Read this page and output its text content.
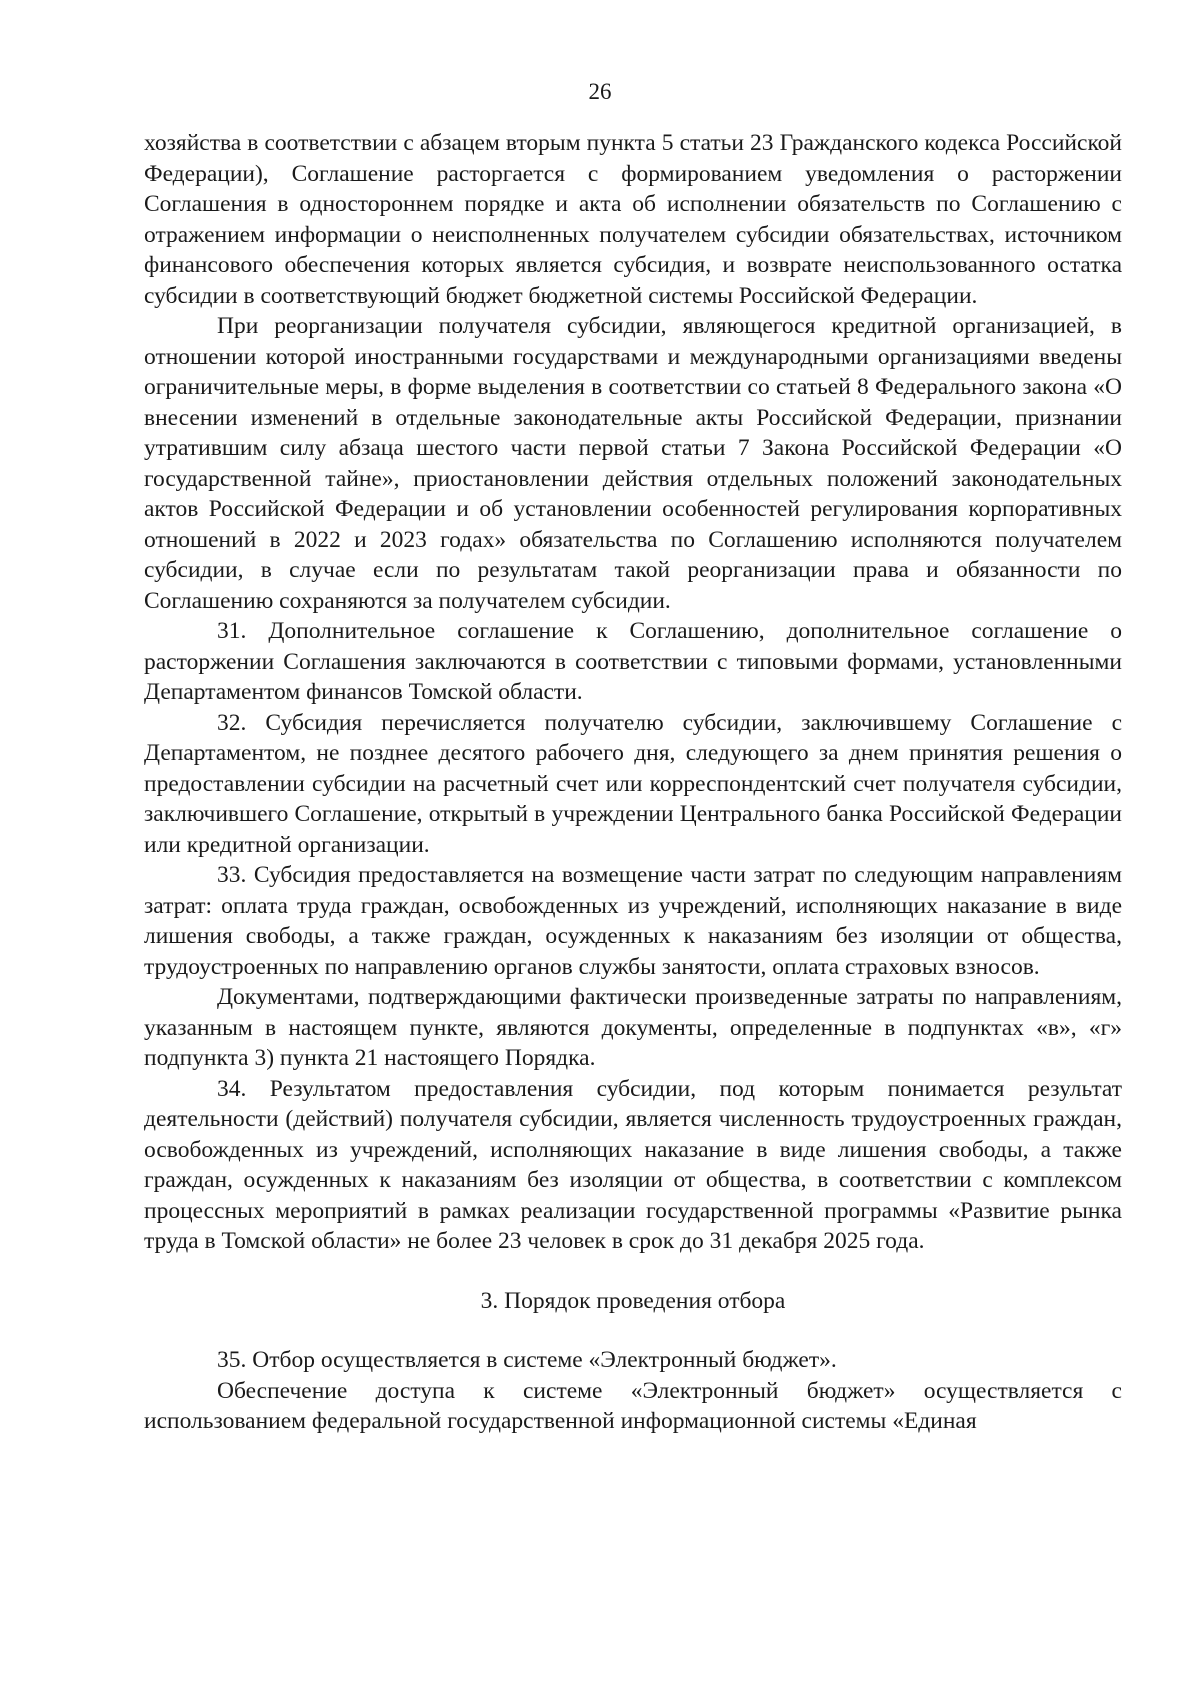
26

хозяйства в соответствии с абзацем вторым пункта 5 статьи 23 Гражданского кодекса Российской Федерации), Соглашение расторгается с формированием уведомления о расторжении Соглашения в одностороннем порядке и акта об исполнении обязательств по Соглашению с отражением информации о неисполненных получателем субсидии обязательствах, источником финансового обеспечения которых является субсидия, и возврате неиспользованного остатка субсидии в соответствующий бюджет бюджетной системы Российской Федерации.

При реорганизации получателя субсидии, являющегося кредитной организацией, в отношении которой иностранными государствами и международными организациями введены ограничительные меры, в форме выделения в соответствии со статьей 8 Федерального закона «О внесении изменений в отдельные законодательные акты Российской Федерации, признании утратившим силу абзаца шестого части первой статьи 7 Закона Российской Федерации «О государственной тайне», приостановлении действия отдельных положений законодательных актов Российской Федерации и об установлении особенностей регулирования корпоративных отношений в 2022 и 2023 годах» обязательства по Соглашению исполняются получателем субсидии, в случае если по результатам такой реорганизации права и обязанности по Соглашению сохраняются за получателем субсидии.

31. Дополнительное соглашение к Соглашению, дополнительное соглашение о расторжении Соглашения заключаются в соответствии с типовыми формами, установленными Департаментом финансов Томской области.

32. Субсидия перечисляется получателю субсидии, заключившему Соглашение с Департаментом, не позднее десятого рабочего дня, следующего за днем принятия решения о предоставлении субсидии на расчетный счет или корреспондентский счет получателя субсидии, заключившего Соглашение, открытый в учреждении Центрального банка Российской Федерации или кредитной организации.

33. Субсидия предоставляется на возмещение части затрат по следующим направлениям затрат: оплата труда граждан, освобожденных из учреждений, исполняющих наказание в виде лишения свободы, а также граждан, осужденных к наказаниям без изоляции от общества, трудоустроенных по направлению органов службы занятости, оплата страховых взносов.

Документами, подтверждающими фактически произведенные затраты по направлениям, указанным в настоящем пункте, являются документы, определенные в подпунктах «в», «г» подпункта 3) пункта 21 настоящего Порядка.

34. Результатом предоставления субсидии, под которым понимается результат деятельности (действий) получателя субсидии, является численность трудоустроенных граждан, освобожденных из учреждений, исполняющих наказание в виде лишения свободы, а также граждан, осужденных к наказаниям без изоляции от общества, в соответствии с комплексом процессных мероприятий в рамках реализации государственной программы «Развитие рынка труда в Томской области» не более 23 человек в срок до 31 декабря 2025 года.

3. Порядок проведения отбора

35. Отбор осуществляется в системе «Электронный бюджет».

Обеспечение доступа к системе «Электронный бюджет» осуществляется с использованием федеральной государственной информационной системы «Единая
